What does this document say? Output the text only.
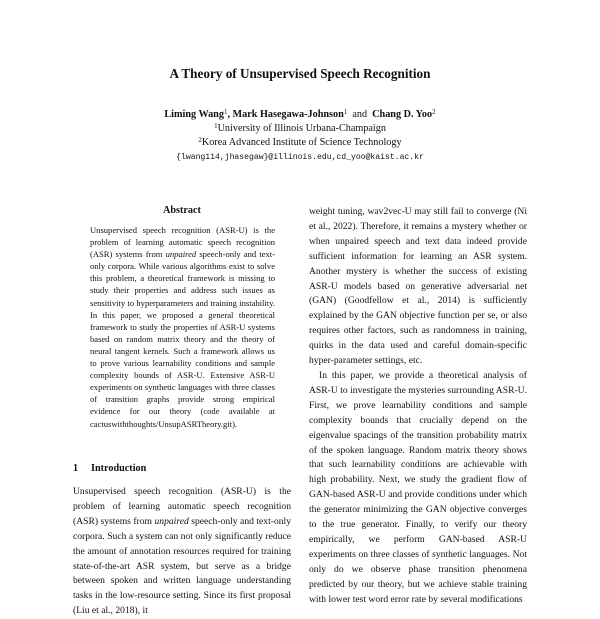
A Theory of Unsupervised Speech Recognition
Liming Wang$^1$, Mark Hasegawa-Johnson$^1$ and Chang D. Yoo$^2$
$^1$University of Illinois Urbana-Champaign
$^2$Korea Advanced Institute of Science Technology
{lwang114,jhasegaw}@illinois.edu,cd_yoo@kaist.ac.kr
Abstract

Unsupervised speech recognition (ASR-U) is the problem of learning automatic speech recognition (ASR) systems from unpaired speech-only and text-only corpora. While various algorithms exist to solve this problem, a theoretical framework is missing to study their properties and address such issues as sensitivity to hyperparameters and training instability. In this paper, we proposed a general theoretical framework to study the properties of ASR-U systems based on random matrix theory and the theory of neural tangent kernels. Such a framework allows us to prove various learnability conditions and sample complexity bounds of ASR-U. Extensive ASR-U experiments on synthetic languages with three classes of transition graphs provide strong empirical evidence for our theory (code available at cactuswiththoughts/UnsupASRTheory.git).

1 Introduction

Unsupervised speech recognition (ASR-U) is the problem of learning automatic speech recognition (ASR) systems from unpaired speech-only and text-only corpora. Such a system can not only significantly reduce the amount of annotation resources required for training state-of-the-art ASR system, but serve as a bridge between spoken and written language understanding tasks in the low-resource setting. Since its first proposal (Liu et al., 2018), it

weight tuning, wav2vec-U may still fail to converge (Ni et al., 2022). Therefore, it remains a mystery whether or when unpaired speech and text data indeed provide sufficient information for learning an ASR system. Another mystery is whether the success of existing ASR-U models based on generative adversarial net (GAN) (Goodfellow et al., 2014) is sufficiently explained by the GAN objective function per se, or also requires other factors, such as randomness in training, quirks in the data used and careful domain-specific hyper-parameter settings, etc.

In this paper, we provide a theoretical analysis of ASR-U to investigate the mysteries surrounding ASR-U. First, we prove learnability conditions and sample complexity bounds that crucially depend on the eigenvalue spacings of the transition probability matrix of the spoken language. Random matrix theory shows that such learnability conditions are achievable with high probability. Next, we study the gradient flow of GAN-based ASR-U and provide conditions under which the generator minimizing the GAN objective converges to the true generator. Finally, to verify our theory empirically, we perform GAN-based ASR-U experiments on three classes of synthetic languages. Not only do we observe phase transition phenomena predicted by our theory, but we achieve stable training with lower test word error rate by several modifications
